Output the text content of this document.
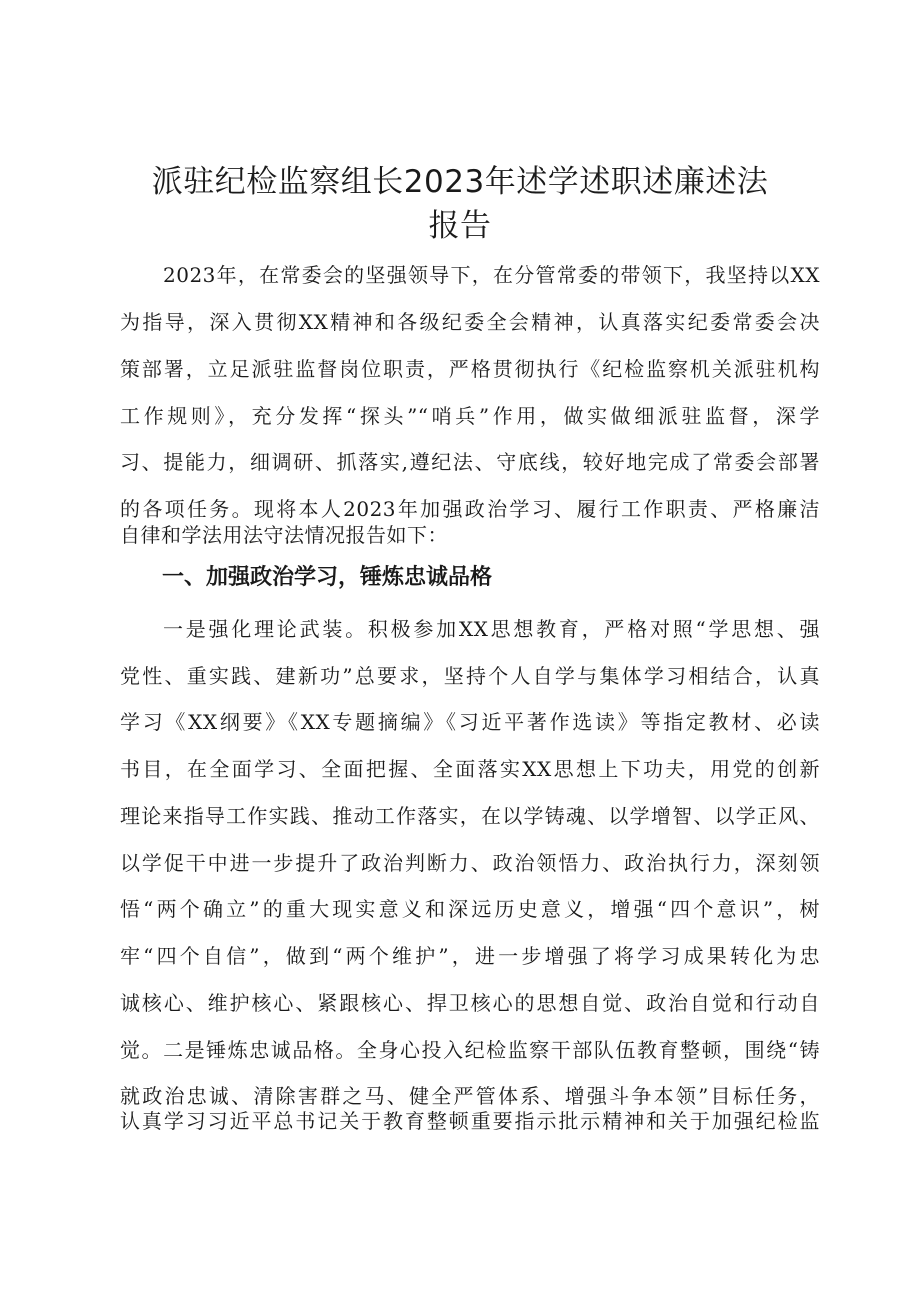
派驻纪检监察组长2023年述学述职述廉述法
报告
2023年，在常委会的坚强领导下，在分管常委的带领下，我坚持以XX
为指导，深入贯彻XX精神和各级纪委全会精神，认真落实纪委常委会决
策部署，立足派驻监督岗位职责，严格贯彻执行《纪检监察机关派驻机构
工作规则》，充分发挥“探头”“哨兵”作用，做实做细派驻监督，深学
习、提能力，细调研、抓落实,遵纪法、守底线，较好地完成了常委会部署
的各项任务。现将本人2023年加强政治学习、履行工作职责、严格廉洁
自律和学法用法守法情况报告如下：
一、加强政治学习，锤炼忠诚品格
一是强化理论武装。积极参加XX思想教育，严格对照“学思想、强
党性、重实践、建新功”总要求，坚持个人自学与集体学习相结合，认真
学习《XX纲要》《XX专题摘编》《习近平著作选读》等指定教材、必读
书目，在全面学习、全面把握、全面落实XX思想上下功夫，用党的创新
理论来指导工作实践、推动工作落实，在以学铸魂、以学增智、以学正风、
以学促干中进一步提升了政治判断力、政治领悟力、政治执行力，深刻领
悟“两个确立”的重大现实意义和深远历史意义，增强“四个意识”，树
牢“四个自信”，做到“两个维护”，进一步增强了将学习成果转化为忠
诚核心、维护核心、紧跟核心、捍卫核心的思想自觉、政治自觉和行动自
觉。二是锤炼忠诚品格。全身心投入纪检监察干部队伍教育整顿，围绕“铸
就政治忠诚、清除害群之马、健全严管体系、增强斗争本领”目标任务，
认真学习习近平总书记关于教育整顿重要指示批示精神和关于加强纪检监
